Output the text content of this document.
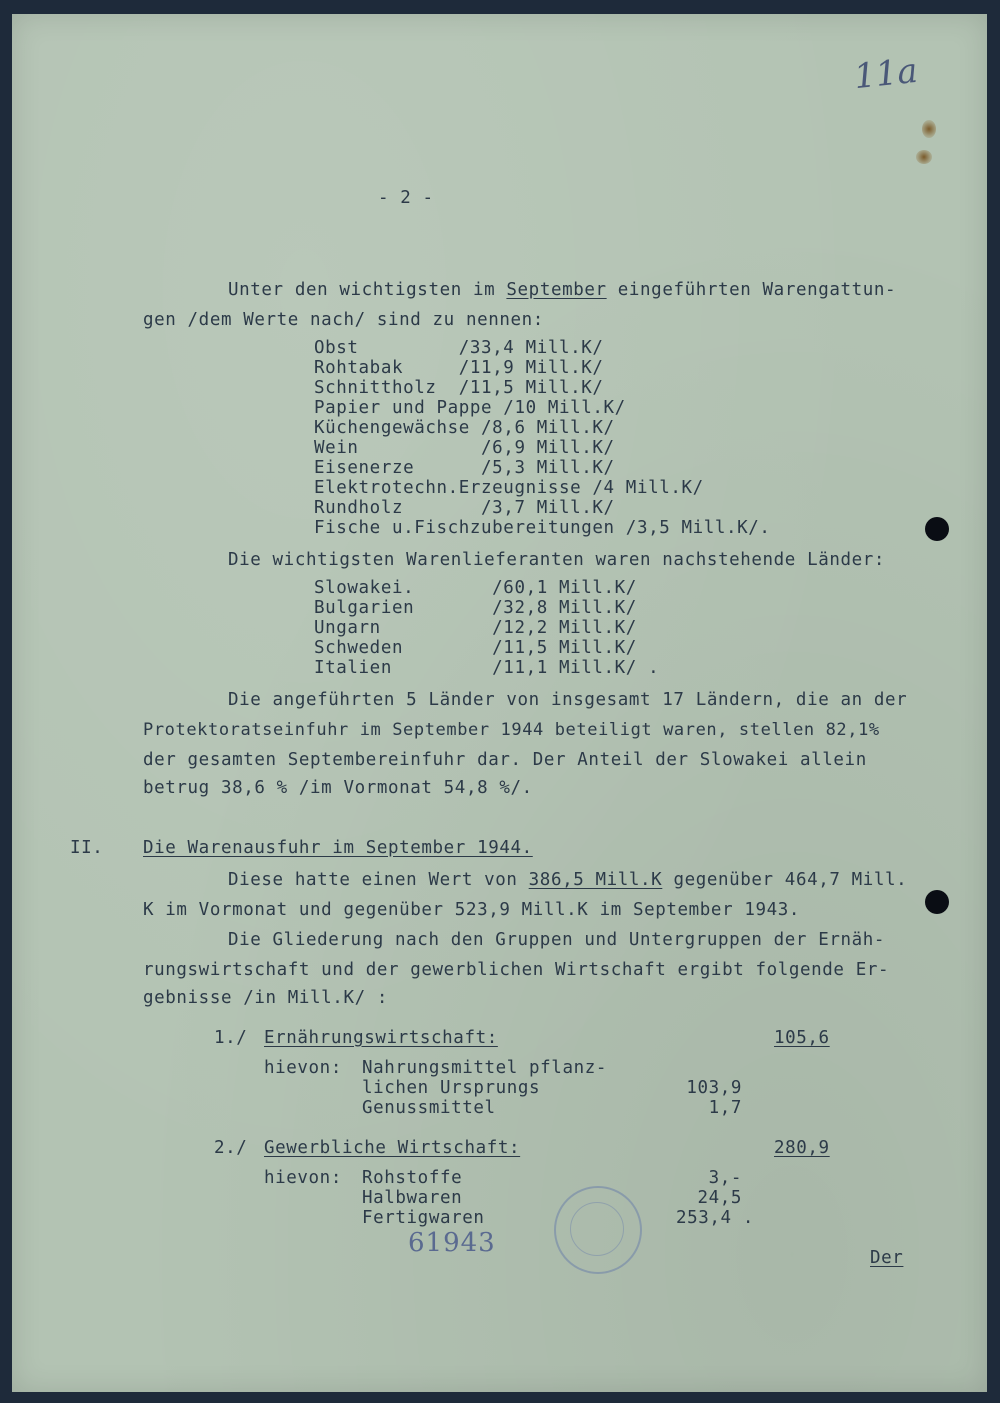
11a
- 2 -
Unter den wichtigsten im September eingeführten Warengattun-
gen /dem Werte nach/ sind zu nennen:
Obst         /33,4 Mill.K/
Rohtabak     /11,9 Mill.K/
Schnittholz  /11,5 Mill.K/
Papier und Pappe /10 Mill.K/
Küchengewächse /8,6 Mill.K/
Wein           /6,9 Mill.K/
Eisenerze      /5,3 Mill.K/
Elektrotechn.Erzeugnisse /4 Mill.K/
Rundholz       /3,7 Mill.K/
Fische u.Fischzubereitungen /3,5 Mill.K/.
Die wichtigsten Warenlieferanten waren nachstehende Länder:
Slowakei.       /60,1 Mill.K/
Bulgarien       /32,8 Mill.K/
Ungarn          /12,2 Mill.K/
Schweden        /11,5 Mill.K/
Italien         /11,1 Mill.K/ .
Die angeführten 5 Länder von insgesamt 17 Ländern, die an der
Protektoratseinfuhr im September 1944 beteiligt waren, stellen 82,1%
der gesamten Septembereinfuhr dar. Der Anteil der Slowakei allein
betrug 38,6 % /im Vormonat 54,8 %/.
II. Die Warenausfuhr im September 1944.
Diese hatte einen Wert von 386,5 Mill.K gegenüber 464,7 Mill.
K im Vormonat und gegenüber 523,9 Mill.K im September 1943.
Die Gliederung nach den Gruppen und Untergruppen der Ernäh-
rungswirtschaft und der gewerblichen Wirtschaft ergibt folgende Er-
gebnisse /in Mill.K/ :
1./ Ernährungswirtschaft:	105,6
hievon: Nahrungsmittel pflanz-
lichen Ursprungs	103,9
Genussmittel	1,7
2./ Gewerbliche Wirtschaft:	280,9
hievon: Rohstoffe	3,-
Halbwaren	24,5
Fertigwaren	253,4 .
61943	Der
